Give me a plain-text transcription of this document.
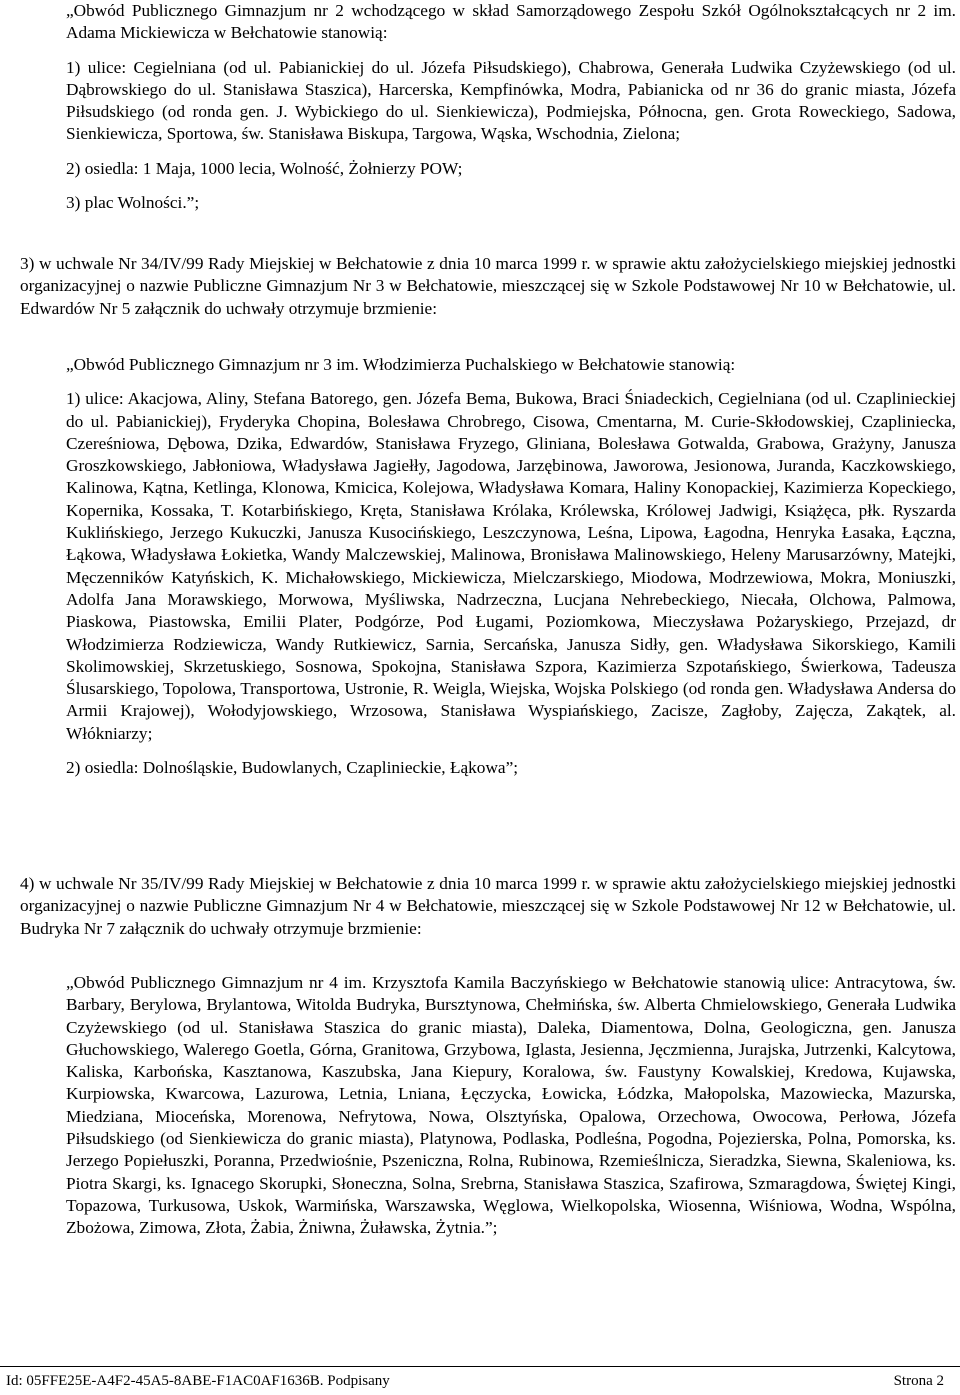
„Obwód Publicznego Gimnazjum nr 2 wchodzącego w skład Samorządowego Zespołu Szkół Ogólnokształcących nr 2 im. Adama Mickiewicza w Bełchatowie stanowią:

1) ulice: Cegielniana (od ul. Pabianickiej do ul. Józefa Piłsudskiego), Chabrowa, Generała Ludwika Czyżewskiego (od ul. Dąbrowskiego do ul. Stanisława Staszica), Harcerska, Kempfinówka, Modra, Pabianicka od nr 36 do granic miasta, Józefa Piłsudskiego (od ronda gen. J. Wybickiego do ul. Sienkiewicza), Podmiejska, Północna, gen. Grota Roweckiego, Sadowa, Sienkiewicza, Sportowa, św. Stanisława Biskupa, Targowa, Wąska, Wschodnia, Zielona;

2) osiedla: 1 Maja, 1000 lecia, Wolność, Żołnierzy POW;

3) plac Wolności.”;

3) w uchwale Nr 34/IV/99 Rady Miejskiej w Bełchatowie z dnia 10 marca 1999 r. w sprawie aktu założycielskiego miejskiej jednostki organizacyjnej o nazwie Publiczne Gimnazjum Nr 3 w Bełchatowie, mieszczącej się w Szkole Podstawowej Nr 10 w Bełchatowie, ul. Edwardów Nr 5 załącznik do uchwały otrzymuje brzmienie:

„Obwód Publicznego Gimnazjum nr 3 im. Włodzimierza Puchalskiego w Bełchatowie stanowią:

1) ulice: Akacjowa, Aliny, Stefana Batorego, gen. Józefa Bema, Bukowa, Braci Śniadeckich, Cegielniana (od ul. Czaplinieckiej do ul. Pabianickiej), Fryderyka Chopina, Bolesława Chrobrego, Cisowa, Cmentarna, M. Curie-Skłodowskiej, Czapliniecka, Czereśniowa, Dębowa, Dzika, Edwardów, Stanisława Fryzego, Gliniana, Bolesława Gotwalda, Grabowa, Grażyny, Janusza Groszkowskiego, Jabłoniowa, Władysława Jagiełły, Jagodowa, Jarzębinowa, Jaworowa, Jesionowa, Juranda, Kaczkowskiego, Kalinowa, Kątna, Ketlinga, Klonowa, Kmicica, Kolejowa, Władysława Komara, Haliny Konopackiej, Kazimierza Kopeckiego, Kopernika, Kossaka, T. Kotarbińskiego, Kręta, Stanisława Królaka, Królewska, Królowej Jadwigi, Książęca, płk. Ryszarda Kuklińskiego, Jerzego Kukuczki, Janusza Kusocińskiego, Leszczynowa, Leśna, Lipowa, Łagodna, Henryka Łasaka, Łączna, Łąkowa, Władysława Łokietka, Wandy Malczewskiej, Malinowa, Bronisława Malinowskiego, Heleny Marusarzówny, Matejki, Męczenników Katyńskich, K. Michałowskiego, Mickiewicza, Mielczarskiego, Miodowa, Modrzewiowa, Mokra, Moniuszki, Adolfa Jana Morawskiego, Morwowa, Myśliwska, Nadrzeczna, Lucjana Nehrebeckiego, Niecała, Olchowa, Palmowa, Piaskowa, Piastowska, Emilii Plater, Podgórze, Pod Ługami, Poziomkowa, Mieczysława Pożaryskiego, Przejazd, dr Włodzimierza Rodziewicza, Wandy Rutkiewicz, Sarnia, Sercańska, Janusza Sidły, gen. Władysława Sikorskiego, Kamili Skolimowskiej, Skrzetuskiego, Sosnowa, Spokojna, Stanisława Szpora, Kazimierza Szpotańskiego, Świerkowa, Tadeusza Ślusarskiego, Topolowa, Transportowa, Ustronie, R. Weigla, Wiejska, Wojska Polskiego (od ronda gen. Władysława Andersa do Armii Krajowej), Wołodyjowskiego, Wrzosowa, Stanisława Wyspiańskiego, Zacisze, Zagłoby, Zajęcza, Zakątek, al. Włókniarzy;

2) osiedla: Dolnośląskie, Budowlanych, Czaplinieckie, Łąkowa”;

4) w uchwale Nr 35/IV/99 Rady Miejskiej w Bełchatowie z dnia 10 marca 1999 r. w sprawie aktu założycielskiego miejskiej jednostki organizacyjnej o nazwie Publiczne Gimnazjum Nr 4 w Bełchatowie, mieszczącej się w Szkole Podstawowej Nr 12 w Bełchatowie, ul. Budryka Nr 7 załącznik do uchwały otrzymuje brzmienie:

„Obwód Publicznego Gimnazjum nr 4 im. Krzysztofa Kamila Baczyńskiego w Bełchatowie stanowią ulice: Antracytowa, św. Barbary, Berylowa, Brylantowa, Witolda Budryka, Bursztynowa, Chełmińska, św. Alberta Chmielowskiego, Generała Ludwika Czyżewskiego (od ul. Stanisława Staszica do granic miasta), Daleka, Diamentowa, Dolna, Geologiczna, gen. Janusza Głuchowskiego, Walerego Goetla, Górna, Granitowa, Grzybowa, Iglasta, Jesienna, Jęczmienna, Jurajska, Jutrzenki, Kalcytowa, Kaliska, Karbońska, Kasztanowa, Kaszubska, Jana Kiepury, Koralowa, św. Faustyny Kowalskiej, Kredowa, Kujawska, Kurpiowska, Kwarcowa, Lazurowa, Letnia, Lniana, Łęczycka, Łowicka, Łódzka, Małopolska, Mazowiecka, Mazurska, Miedziana, Mioceńska, Morenowa, Nefrytowa, Nowa, Olsztyńska, Opalowa, Orzechowa, Owocowa, Perłowa, Józefa Piłsudskiego (od Sienkiewicza do granic miasta), Platynowa, Podlaska, Podleśna, Pogodna, Pojezierska, Polna, Pomorska, ks. Jerzego Popiełuszki, Poranna, Przedwiośnie, Pszeniczna, Rolna, Rubinowa, Rzemieślnicza, Sieradzka, Siewna, Skaleniowa, ks. Piotra Skargi, ks. Ignacego Skorupki, Słoneczna, Solna, Srebrna, Stanisława Staszica, Szafirowa, Szmaragdowa, Świętej Kingi, Topazowa, Turkusowa, Uskok, Warmińska, Warszawska, Węglowa, Wielkopolska, Wiosenna, Wiśniowa, Wodna, Wspólna, Zbożowa, Zimowa, Złota, Żabia, Żniwna, Żuławska, Żytnia.”;

Id: 05FFE25E-A4F2-45A5-8ABE-F1AC0AF1636B. Podpisany	Strona 2
